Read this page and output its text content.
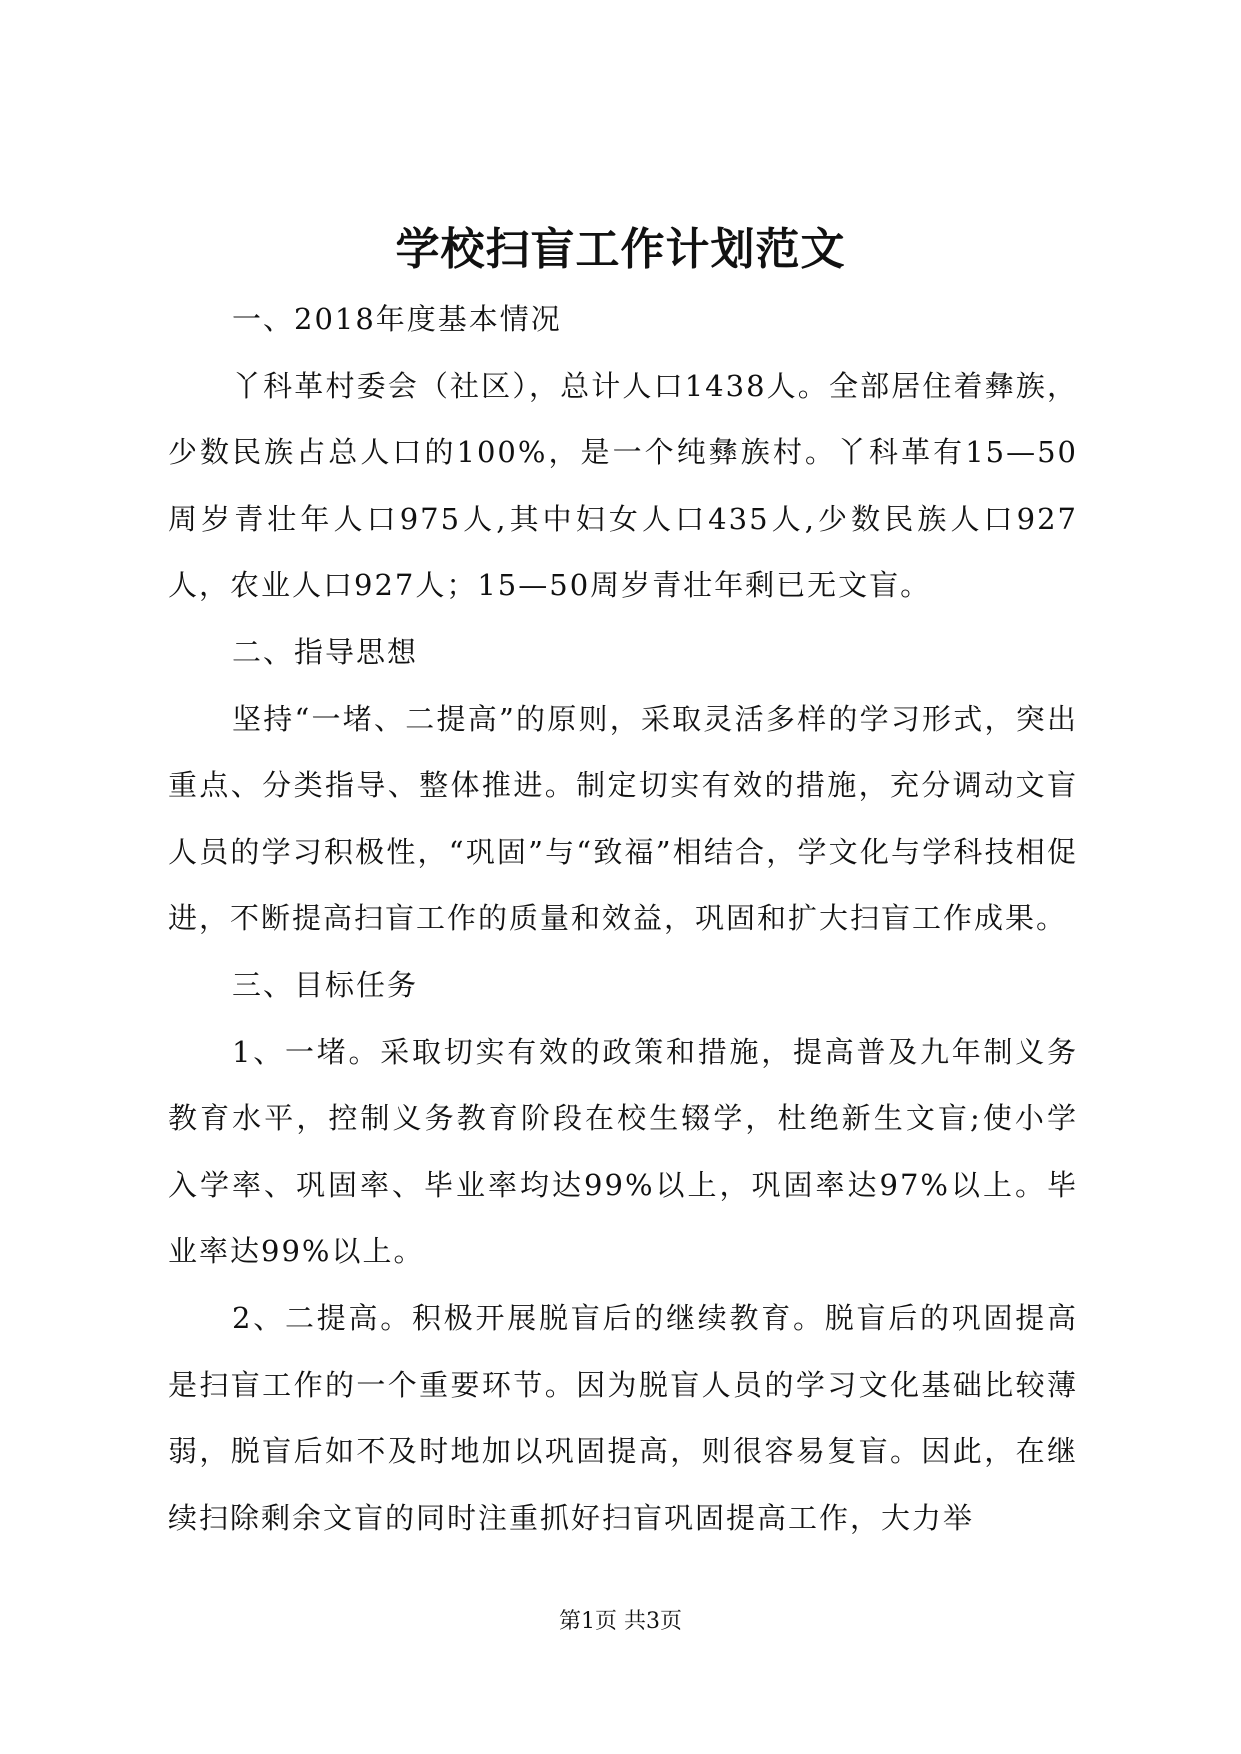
学校扫盲工作计划范文

一、2018年度基本情况

丫科革村委会（社区），总计人口1438人。全部居住着彝族，少数民族占总人口的100%，是一个纯彝族村。丫科革有15—50周岁青壮年人口975人,其中妇女人口435人,少数民族人口927人，农业人口927人；15—50周岁青壮年剩已无文盲。

二、指导思想

坚持“一堵、二提高”的原则，采取灵活多样的学习形式，突出重点、分类指导、整体推进。制定切实有效的措施，充分调动文盲人员的学习积极性，“巩固”与“致福”相结合，学文化与学科技相促进，不断提高扫盲工作的质量和效益，巩固和扩大扫盲工作成果。

三、目标任务

1、一堵。采取切实有效的政策和措施，提高普及九年制义务教育水平，控制义务教育阶段在校生辍学，杜绝新生文盲;使小学入学率、巩固率、毕业率均达99%以上，巩固率达97%以上。毕业率达99%以上。

2、二提高。积极开展脱盲后的继续教育。脱盲后的巩固提高是扫盲工作的一个重要环节。因为脱盲人员的学习文化基础比较薄弱，脱盲后如不及时地加以巩固提高，则很容易复盲。因此，在继续扫除剩余文盲的同时注重抓好扫盲巩固提高工作，大力举

第1页 共3页
